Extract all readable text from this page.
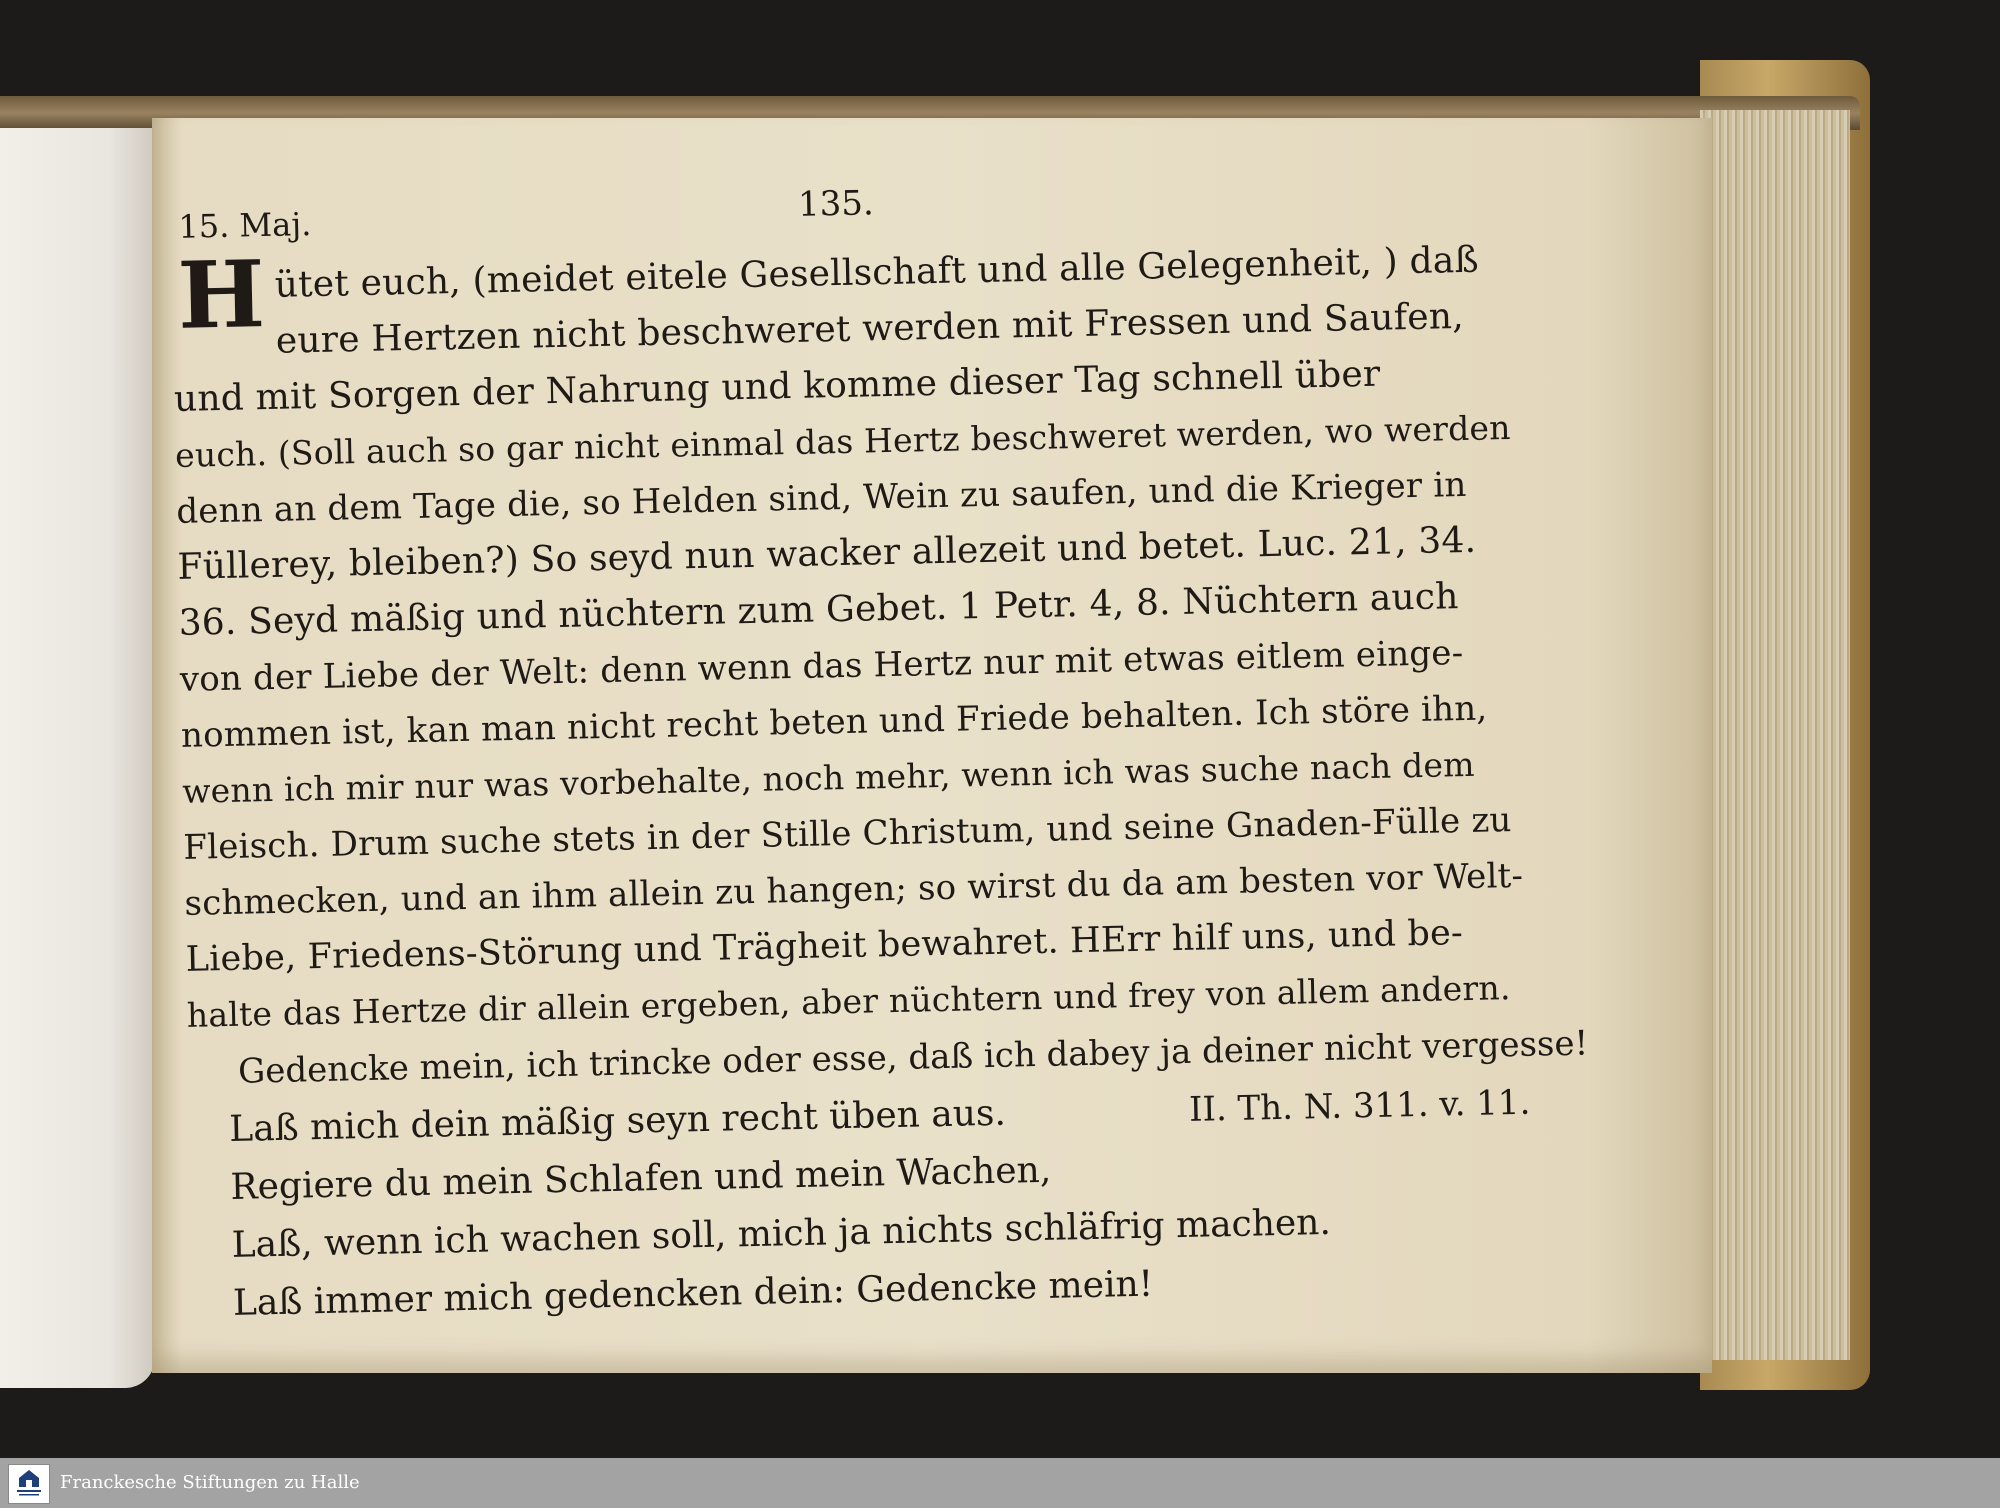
15. Maj.
135.
Hütet euch, (meidet eitele Gesellschaft und alle Gelegenheit, ) daß
eure Hertzen nicht beschweret werden mit Fressen und Saufen,
und mit Sorgen der Nahrung und komme dieser Tag schnell über
euch. (Soll auch so gar nicht einmal das Hertz beschweret werden, wo werden
denn an dem Tage die, so Helden sind, Wein zu saufen, und die Krieger in
Füllerey, bleiben?) So seyd nun wacker allezeit und betet. Luc. 21, 34.
36. Seyd mäßig und nüchtern zum Gebet. 1 Petr. 4, 8. Nüchtern auch
von der Liebe der Welt: denn wenn das Hertz nur mit etwas eitlem einge-
nommen ist, kan man nicht recht beten und Friede behalten. Ich störe ihn,
wenn ich mir nur was vorbehalte, noch mehr, wenn ich was suche nach dem
Fleisch. Drum suche stets in der Stille Christum, und seine Gnaden-Fülle zu
schmecken, und an ihm allein zu hangen; so wirst du da am besten vor Welt-
Liebe, Friedens-Störung und Trägheit bewahret. HErr hilf uns, und be-
halte das Hertze dir allein ergeben, aber nüchtern und frey von allem andern.
Gedencke mein, ich trincke oder esse, daß ich dabey ja deiner nicht vergesse!
Laß mich dein mäßig seyn recht üben aus.	II. Th. N. 311. v. 11.
Regiere du mein Schlafen und mein Wachen,
Laß, wenn ich wachen soll, mich ja nichts schläfrig machen.
Laß immer mich gedencken dein: Gedencke mein!
Franckesche Stiftungen zu Halle
